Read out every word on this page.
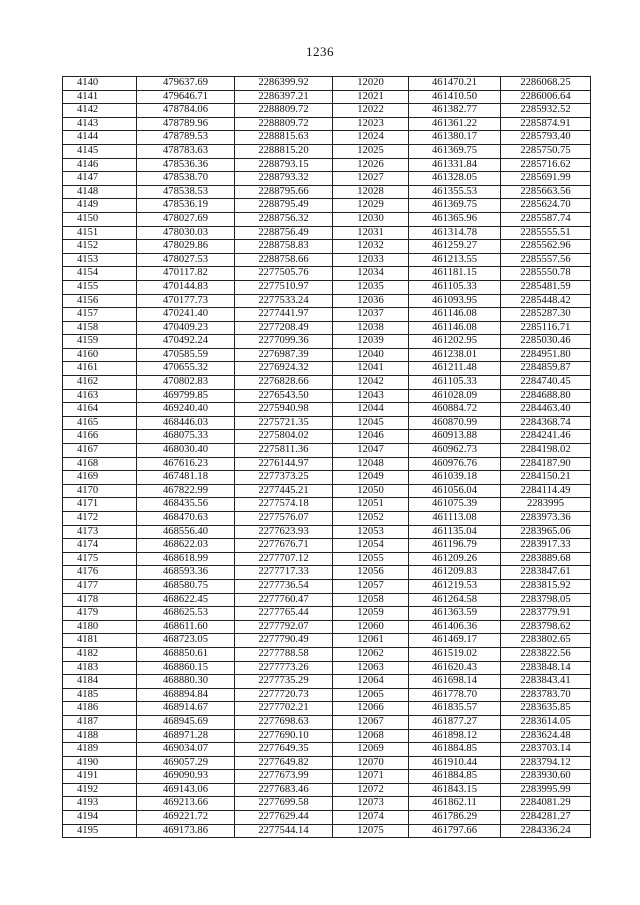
1236
4140	479637.69	2286399.92	12020	461470.21	2286068.25
4141	479646.71	2286397.21	12021	461410.50	2286006.64
4142	478784.06	2288809.72	12022	461382.77	2285932.52
4143	478789.96	2288809.72	12023	461361.22	2285874.91
4144	478789.53	2288815.63	12024	461380.17	2285793.40
4145	478783.63	2288815.20	12025	461369.75	2285750.75
4146	478536.36	2288793.15	12026	461331.84	2285716.62
4147	478538.70	2288793.32	12027	461328.05	2285691.99
4148	478538.53	2288795.66	12028	461355.53	2285663.56
4149	478536.19	2288795.49	12029	461369.75	2285624.70
4150	478027.69	2288756.32	12030	461365.96	2285587.74
4151	478030.03	2288756.49	12031	461314.78	2285555.51
4152	478029.86	2288758.83	12032	461259.27	2285562.96
4153	478027.53	2288758.66	12033	461213.55	2285557.56
4154	470117.82	2277505.76	12034	461181.15	2285550.78
4155	470144.83	2277510.97	12035	461105.33	2285481.59
4156	470177.73	2277533.24	12036	461093.95	2285448.42
4157	470241.40	2277441.97	12037	461146.08	2285287.30
4158	470409.23	2277208.49	12038	461146.08	2285116.71
4159	470492.24	2277099.36	12039	461202.95	2285030.46
4160	470585.59	2276987.39	12040	461238.01	2284951.80
4161	470655.32	2276924.32	12041	461211.48	2284859.87
4162	470802.83	2276828.66	12042	461105.33	2284740.45
4163	469799.85	2276543.50	12043	461028.09	2284688.80
4164	469240.40	2275940.98	12044	460884.72	2284463.40
4165	468446.03	2275721.35	12045	460870.99	2284368.74
4166	468075.33	2275804.02	12046	460913.88	2284241.46
4167	468030.40	2275811.36	12047	460962.73	2284198.02
4168	467616.23	2276144.97	12048	460976.76	2284187.90
4169	467481.18	2277373.25	12049	461039.18	2284150.21
4170	467822.99	2277445.21	12050	461056.04	2284114.49
4171	468435.56	2277574.18	12051	461075.39	2283995
4172	468470.63	2277576.07	12052	461113.08	2283973.36
4173	468556.40	2277623.93	12053	461135.04	2283965.06
4174	468622.03	2277676.71	12054	461196.79	2283917.33
4175	468618.99	2277707.12	12055	461209.26	2283889.68
4176	468593.36	2277717.33	12056	461209.83	2283847.61
4177	468580.75	2277736.54	12057	461219.53	2283815.92
4178	468622.45	2277760.47	12058	461264.58	2283798.05
4179	468625.53	2277765.44	12059	461363.59	2283779.91
4180	468611.60	2277792.07	12060	461406.36	2283798.62
4181	468723.05	2277790.49	12061	461469.17	2283802.65
4182	468850.61	2277788.58	12062	461519.02	2283822.56
4183	468860.15	2277773.26	12063	461620.43	2283848.14
4184	468880.30	2277735.29	12064	461698.14	2283843.41
4185	468894.84	2277720.73	12065	461778.70	2283783.70
4186	468914.67	2277702.21	12066	461835.57	2283635.85
4187	468945.69	2277698.63	12067	461877.27	2283614.05
4188	468971.28	2277690.10	12068	461898.12	2283624.48
4189	469034.07	2277649.35	12069	461884.85	2283703.14
4190	469057.29	2277649.82	12070	461910.44	2283794.12
4191	469090.93	2277673.99	12071	461884.85	2283930.60
4192	469143.06	2277683.46	12072	461843.15	2283995.99
4193	469213.66	2277699.58	12073	461862.11	2284081.29
4194	469221.72	2277629.44	12074	461786.29	2284281.27
4195	469173.86	2277544.14	12075	461797.66	2284336.24
